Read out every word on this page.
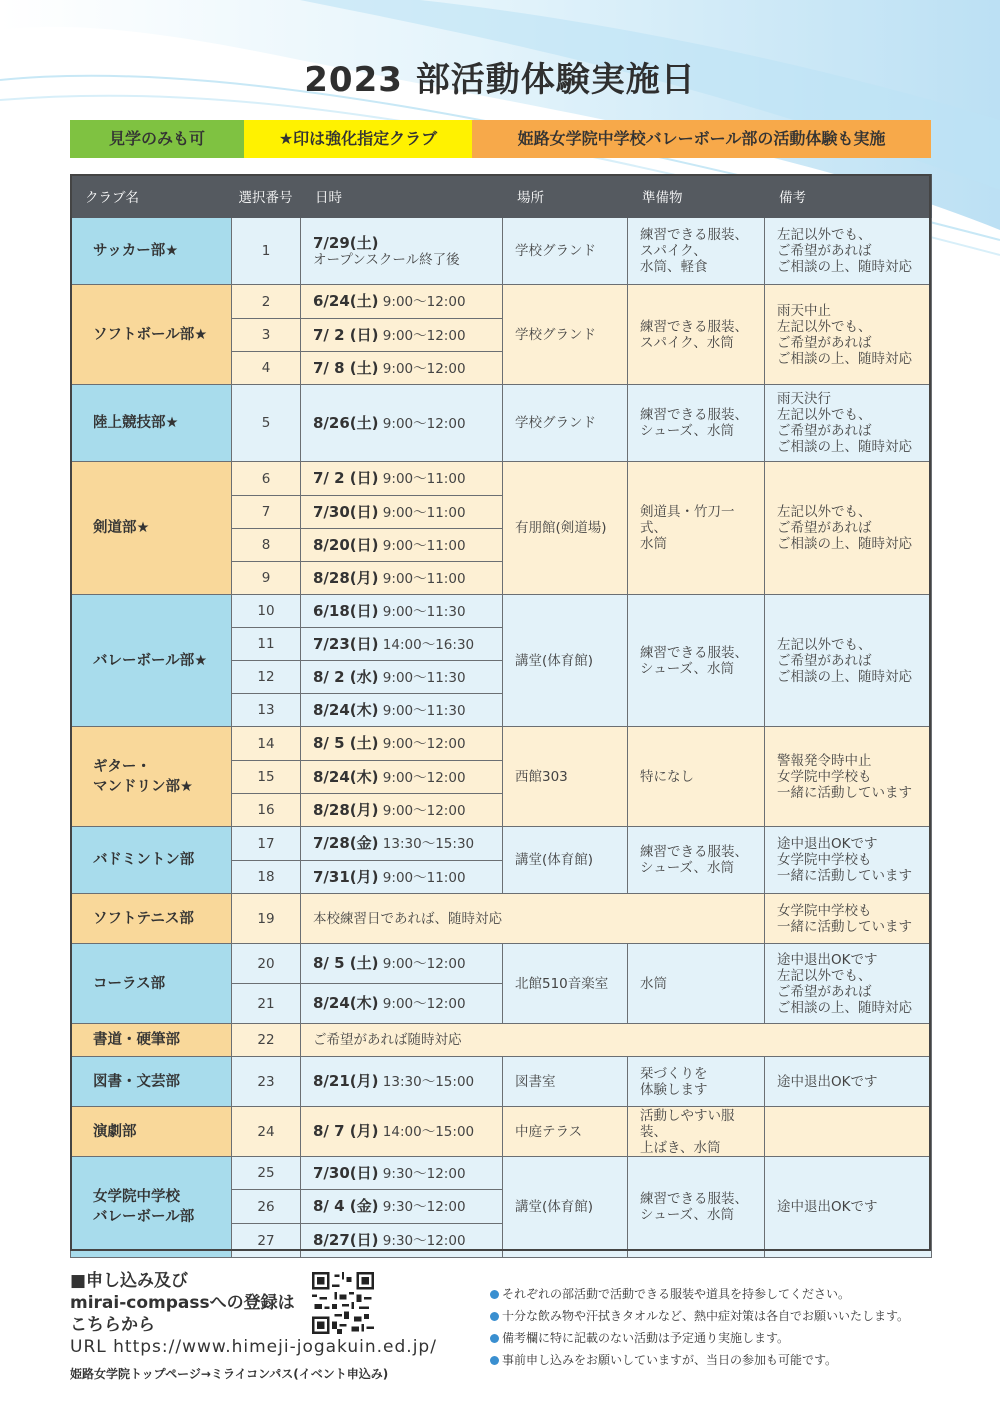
2023 部活動体験実施日
見学のみも可	★印は強化指定クラブ	姫路女学院中学校バレーボール部の活動体験も実施
クラブ名	選択番号	日時	場所	準備物	備考
サッカー部★	1	7/29(土)
オープンスクール終了後	学校グランド	練習できる服装、
スパイク、
水筒、軽食	左記以外でも、
ご希望があれば
ご相談の上、随時対応
ソフトボール部★	2	6/24(土) 9:00～12:00	学校グランド	練習できる服装、
スパイク、水筒	雨天中止
左記以外でも、
ご希望があれば
ご相談の上、随時対応
	3	7/ 2 (日) 9:00～12:00			
	4	7/ 8 (土) 9:00～12:00			
陸上競技部★	5	8/26(土) 9:00～12:00	学校グランド	練習できる服装、
シューズ、水筒	雨天決行
左記以外でも、
ご希望があれば
ご相談の上、随時対応
剣道部★	6	7/ 2 (日) 9:00～11:00	有朋館(剣道場)	剣道具・竹刀一式、
水筒	左記以外でも、
ご希望があれば
ご相談の上、随時対応
	7	7/30(日) 9:00～11:00			
	8	8/20(日) 9:00～11:00			
	9	8/28(月) 9:00～11:00			
バレーボール部★	10	6/18(日) 9:00～11:30	講堂(体育館)	練習できる服装、
シューズ、水筒	左記以外でも、
ご希望があれば
ご相談の上、随時対応
	11	7/23(日) 14:00～16:30			
	12	8/ 2 (水) 9:00～11:30			
	13	8/24(木) 9:00～11:30			
ギター・
マンドリン部★	14	8/ 5 (土) 9:00～12:00	西館303	特になし	警報発令時中止
女学院中学校も
一緒に活動しています
	15	8/24(木) 9:00～12:00			
	16	8/28(月) 9:00～12:00			
バドミントン部	17	7/28(金) 13:30～15:30	講堂(体育館)	練習できる服装、
シューズ、水筒	途中退出OKです
女学院中学校も
一緒に活動しています
	18	7/31(月) 9:00～11:00			
ソフトテニス部	19	本校練習日であれば、随時対応			女学院中学校も
一緒に活動しています
コーラス部	20	8/ 5 (土) 9:00～12:00	北館510音楽室	水筒	途中退出OKです
左記以外でも、
ご希望があれば
ご相談の上、随時対応
	21	8/24(木) 9:00～12:00			
書道・硬筆部	22	ご希望があれば随時対応			
図書・文芸部	23	8/21(月) 13:30～15:00	図書室	栞づくりを
体験します	途中退出OKです
演劇部	24	8/ 7 (月) 14:00～15:00	中庭テラス	活動しやすい服装、
上ばき、水筒	
女学院中学校
バレーボール部	25	7/30(日) 9:30～12:00	講堂(体育館)	練習できる服装、
シューズ、水筒	途中退出OKです
	26	8/ 4 (金) 9:30～12:00			
	27	8/27(日) 9:30～12:00			
■申し込み及び
mirai-compassへの登録は
こちらから
URL https://www.himeji-jogakuin.ed.jp/
姫路女学院トップページ→ミライコンパス(イベント申込み)
それぞれの部活動で活動できる服装や道具を持参してください。
十分な飲み物や汗拭きタオルなど、熱中症対策は各自でお願いいたします。
備考欄に特に記載のない活動は予定通り実施します。
事前申し込みをお願いしていますが、当日の参加も可能です。
